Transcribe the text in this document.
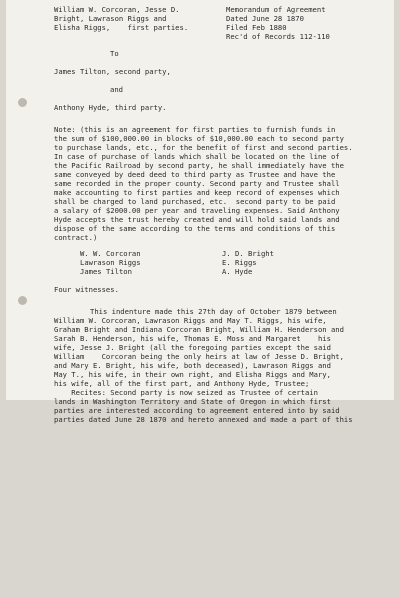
William W. Corcoran, Jesse D.

Bright, Lawrason Riggs and

Elisha Riggs,    first parties.

Memorandum of Agreement

Dated June 28 1870

Filed Feb 1880

Rec'd of Records 112-110

To

James Tilton, second party,

and

Anthony Hyde, third party.

Note: (this is an agreement for first parties to furnish funds in

the sum of $100,000.00 in blocks of $10,000.00 each to second party

to purchase lands, etc., for the benefit of first and second parties.

In case of purchase of lands which shall be located on the line of

the Pacific Railroad by second party, he shall immediately have the

same conveyed by deed deed to third party as Trustee and have the

same recorded in the proper county. Second party and Trustee shall

make accounting to first parties and keep record of expenses which

shall be charged to land purchased, etc.  second party to be paid

a salary of $2000.00 per year and traveling expenses. Said Anthony

Hyde accepts the trust hereby created and will hold said lands and

dispose of the same according to the terms and conditions of this

contract.)

W. W. Corcoran

Lawrason Riggs

James Tilton

J. D. Bright

E. Riggs

A. Hyde

Four witnesses.

This indenture made this 27th day of October 1879 between

William W. Corcoran, Lawrason Riggs and May T. Riggs, his wife,

Graham Bright and Indiana Corcoran Bright, William H. Henderson and

Sarah B. Henderson, his wife, Thomas E. Moss and Margaret    his

wife, Jesse J. Bright (all the foregoing parties except the said

William    Corcoran being the only heirs at law of Jesse D. Bright,

and Mary E. Bright, his wife, both deceased), Lawrason Riggs and

May T., his wife, in their own right, and Elisha Riggs and Mary,

his wife, all of the first part, and Anthony Hyde, Trustee;

Recites: Second party is now seized as Trustee of certain

lands in Washington Territory and State of Oregon in which first

parties are interested according to agreement entered into by said

parties dated June 28 1870 and hereto annexed and made a part of this
